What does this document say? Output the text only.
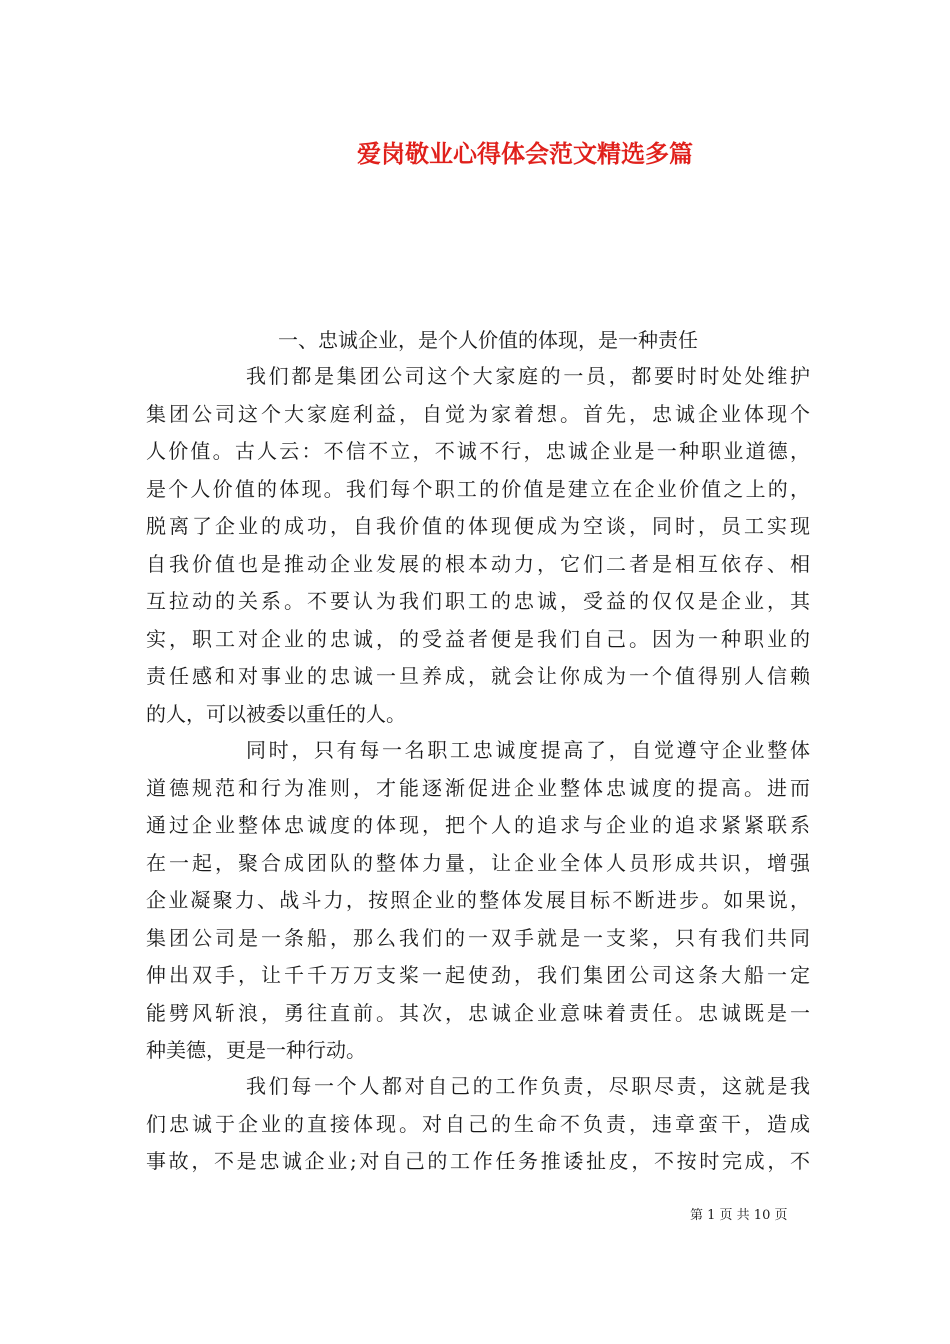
爱岗敬业心得体会范文精选多篇
一、忠诚企业，是个人价值的体现，是一种责任
我们都是集团公司这个大家庭的一员，都要时时处处维护
集团公司这个大家庭利益，自觉为家着想。首先，忠诚企业体现个
人价值。古人云：不信不立，不诚不行，忠诚企业是一种职业道德，
是个人价值的体现。我们每个职工的价值是建立在企业价值之上的，
脱离了企业的成功，自我价值的体现便成为空谈，同时，员工实现
自我价值也是推动企业发展的根本动力，它们二者是相互依存、相
互拉动的关系。不要认为我们职工的忠诚，受益的仅仅是企业，其
实，职工对企业的忠诚，的受益者便是我们自己。因为一种职业的
责任感和对事业的忠诚一旦养成，就会让你成为一个值得别人信赖
的人，可以被委以重任的人。
同时，只有每一名职工忠诚度提高了，自觉遵守企业整体
道德规范和行为准则，才能逐渐促进企业整体忠诚度的提高。进而
通过企业整体忠诚度的体现，把个人的追求与企业的追求紧紧联系
在一起，聚合成团队的整体力量，让企业全体人员形成共识，增强
企业凝聚力、战斗力，按照企业的整体发展目标不断进步。如果说，
集团公司是一条船，那么我们的一双手就是一支桨，只有我们共同
伸出双手，让千千万万支桨一起使劲，我们集团公司这条大船一定
能劈风斩浪，勇往直前。其次，忠诚企业意味着责任。忠诚既是一
种美德，更是一种行动。
我们每一个人都对自己的工作负责，尽职尽责，这就是我
们忠诚于企业的直接体现。对自己的生命不负责，违章蛮干，造成
事故，不是忠诚企业;对自己的工作任务推诿扯皮，不按时完成，不
第 1 页 共 10 页
